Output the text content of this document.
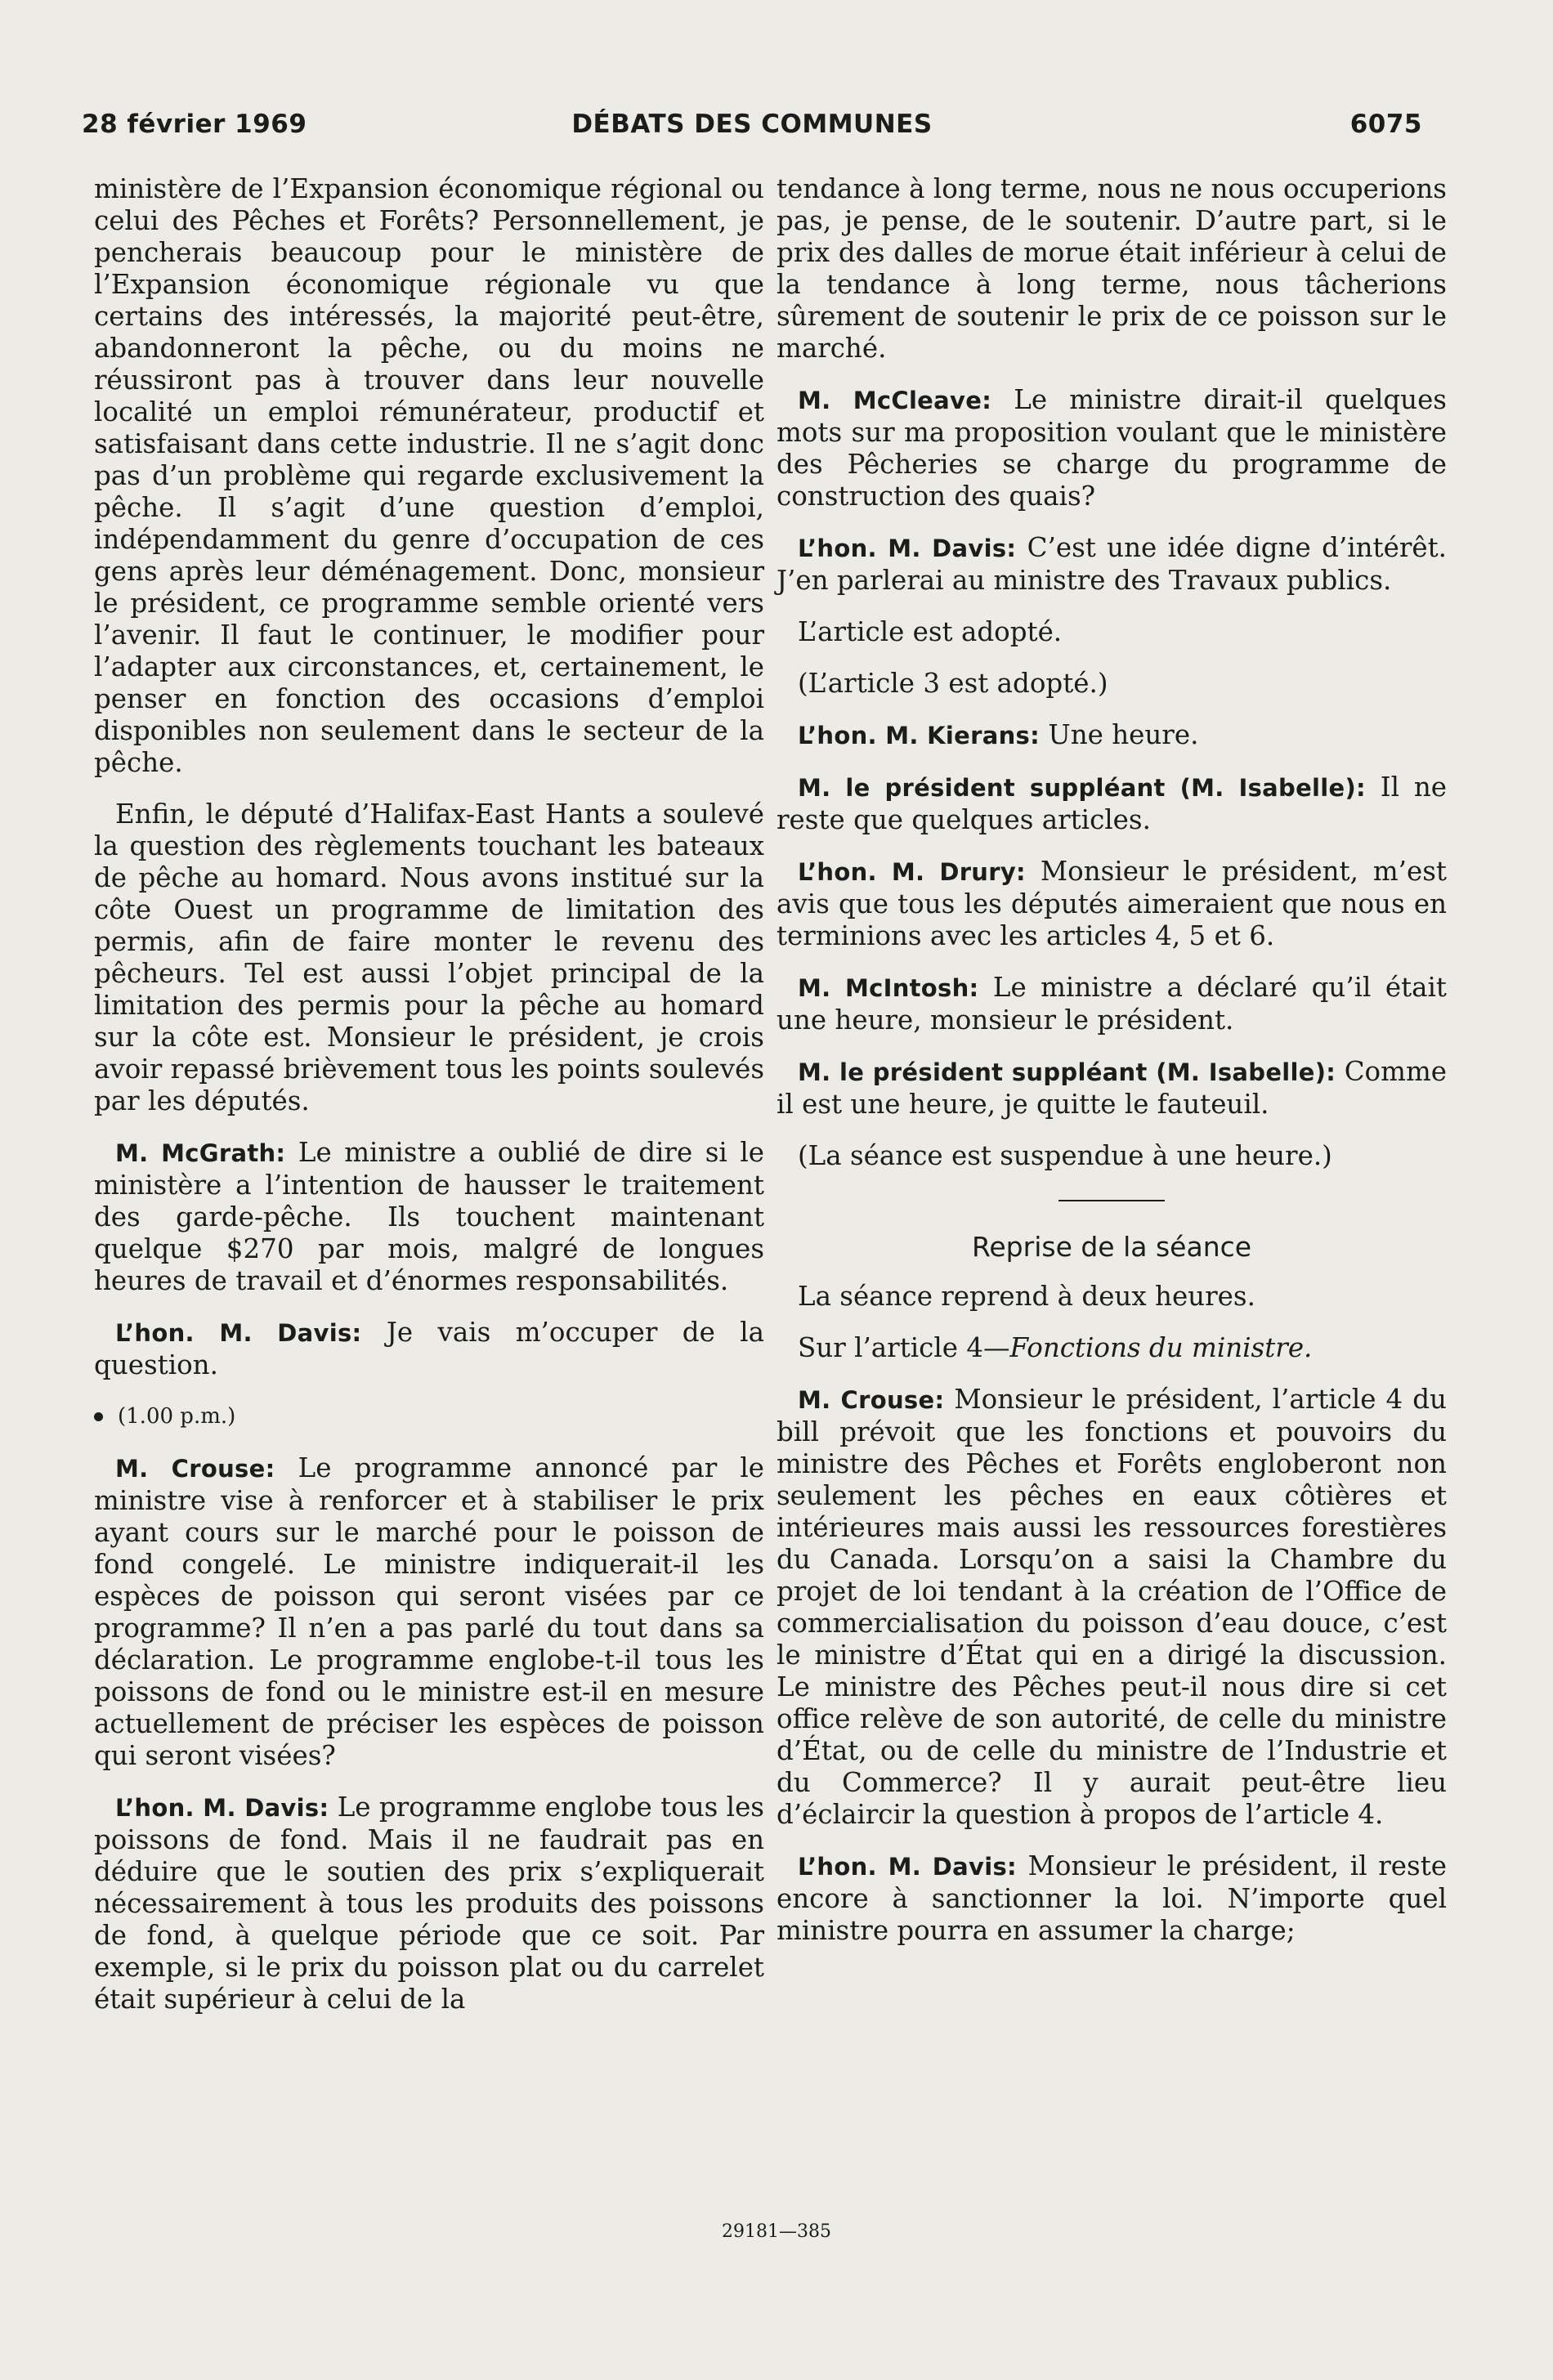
28 février 1969	DÉBATS DES COMMUNES	6075

ministère de l’Expansion économique régional ou celui des Pêches et Forêts? Personnellement, je pencherais beaucoup pour le ministère de l’Expansion économique régionale vu que certains des intéressés, la majorité peut-être, abandonneront la pêche, ou du moins ne réussiront pas à trouver dans leur nouvelle localité un emploi rémunérateur, productif et satisfaisant dans cette industrie. Il ne s’agit donc pas d’un problème qui regarde exclusivement la pêche. Il s’agit d’une question d’emploi, indépendamment du genre d’occupation de ces gens après leur déménagement. Donc, monsieur le président, ce programme semble orienté vers l’avenir. Il faut le continuer, le modifier pour l’adapter aux circonstances, et, certainement, le penser en fonction des occasions d’emploi disponibles non seulement dans le secteur de la pêche.

Enfin, le député d’Halifax-East Hants a soulevé la question des règlements touchant les bateaux de pêche au homard. Nous avons institué sur la côte Ouest un programme de limitation des permis, afin de faire monter le revenu des pêcheurs. Tel est aussi l’objet principal de la limitation des permis pour la pêche au homard sur la côte est. Monsieur le président, je crois avoir repassé brièvement tous les points soulevés par les députés.

M. McGrath: Le ministre a oublié de dire si le ministère a l’intention de hausser le traitement des garde-pêche. Ils touchent maintenant quelque $270 par mois, malgré de longues heures de travail et d’énormes responsabilités.

L’hon. M. Davis: Je vais m’occuper de la question.

(1.00 p.m.)

M. Crouse: Le programme annoncé par le ministre vise à renforcer et à stabiliser le prix ayant cours sur le marché pour le poisson de fond congelé. Le ministre indiquerait-il les espèces de poisson qui seront visées par ce programme? Il n’en a pas parlé du tout dans sa déclaration. Le programme englobe-t-il tous les poissons de fond ou le ministre est-il en mesure actuellement de préciser les espèces de poisson qui seront visées?

L’hon. M. Davis: Le programme englobe tous les poissons de fond. Mais il ne faudrait pas en déduire que le soutien des prix s’expliquerait nécessairement à tous les produits des poissons de fond, à quelque période que ce soit. Par exemple, si le prix du poisson plat ou du carrelet était supérieur à celui de la

tendance à long terme, nous ne nous occuperions pas, je pense, de le soutenir. D’autre part, si le prix des dalles de morue était inférieur à celui de la tendance à long terme, nous tâcherions sûrement de soutenir le prix de ce poisson sur le marché.

M. McCleave: Le ministre dirait-il quelques mots sur ma proposition voulant que le ministère des Pêcheries se charge du programme de construction des quais?

L’hon. M. Davis: C’est une idée digne d’intérêt. J’en parlerai au ministre des Travaux publics.

L’article est adopté.

(L’article 3 est adopté.)

L’hon. M. Kierans: Une heure.

M. le président suppléant (M. Isabelle): Il ne reste que quelques articles.

L’hon. M. Drury: Monsieur le président, m’est avis que tous les députés aimeraient que nous en terminions avec les articles 4, 5 et 6.

M. McIntosh: Le ministre a déclaré qu’il était une heure, monsieur le président.

M. le président suppléant (M. Isabelle): Comme il est une heure, je quitte le fauteuil.

(La séance est suspendue à une heure.)

Reprise de la séance

La séance reprend à deux heures.

Sur l’article 4—Fonctions du ministre.

M. Crouse: Monsieur le président, l’article 4 du bill prévoit que les fonctions et pouvoirs du ministre des Pêches et Forêts engloberont non seulement les pêches en eaux côtières et intérieures mais aussi les ressources forestières du Canada. Lorsqu’on a saisi la Chambre du projet de loi tendant à la création de l’Office de commercialisation du poisson d’eau douce, c’est le ministre d’État qui en a dirigé la discussion. Le ministre des Pêches peut-il nous dire si cet office relève de son autorité, de celle du ministre d’État, ou de celle du ministre de l’Industrie et du Commerce? Il y aurait peut-être lieu d’éclaircir la question à propos de l’article 4.

L’hon. M. Davis: Monsieur le président, il reste encore à sanctionner la loi. N’importe quel ministre pourra en assumer la charge;

29181—385
